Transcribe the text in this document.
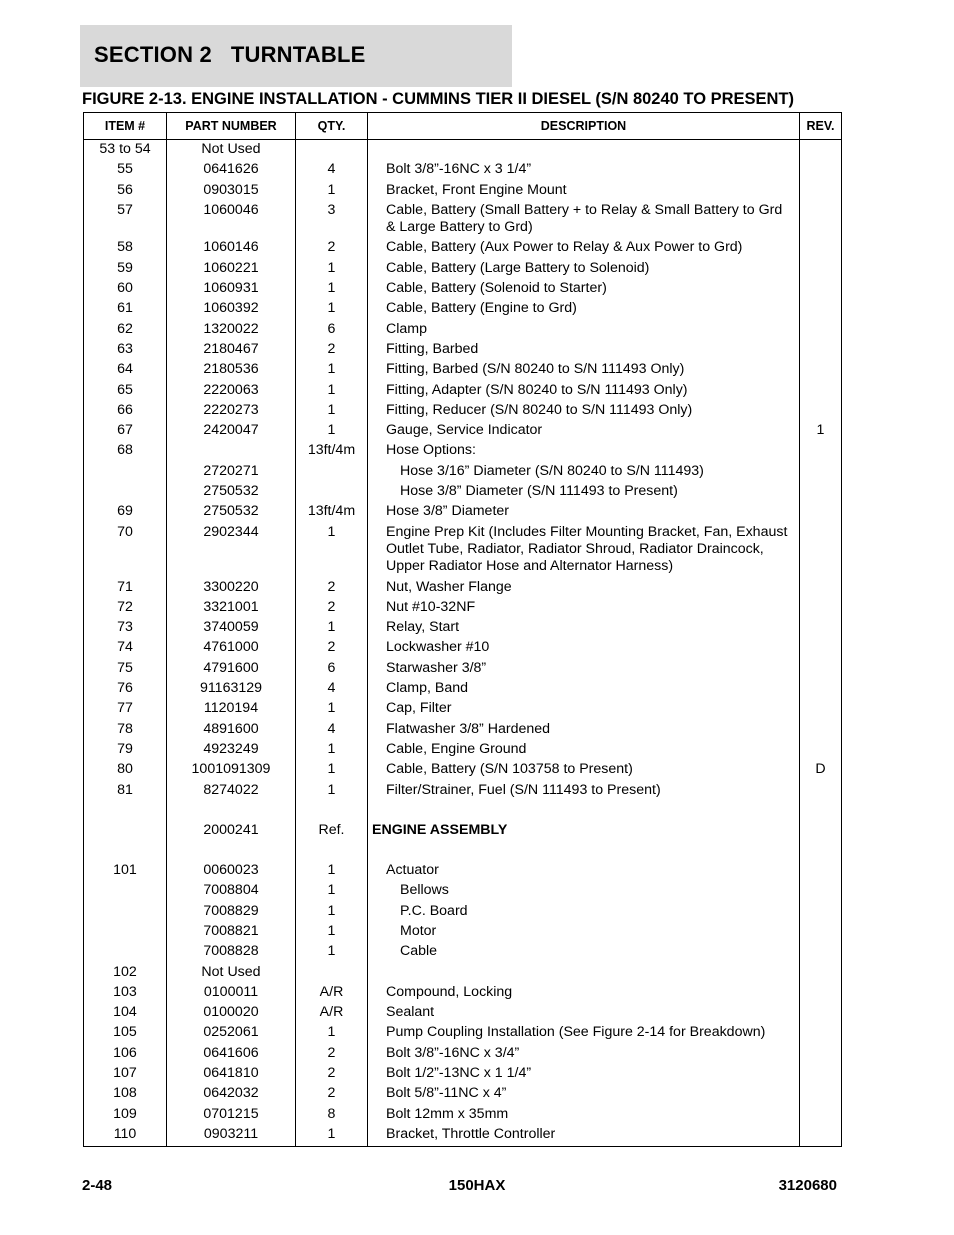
SECTION 2   TURNTABLE
FIGURE 2-13. ENGINE INSTALLATION - CUMMINS TIER II DIESEL (S/N 80240 TO PRESENT)
ITEM #	PART NUMBER	QTY.	DESCRIPTION	REV.
53 to 54	Not Used			
55	0641626	4	Bolt 3/8”-16NC x 3 1/4”	
56	0903015	1	Bracket, Front Engine Mount	
57	1060046	3	Cable, Battery (Small Battery + to Relay & Small Battery to Grd & Large Battery to Grd)	
58	1060146	2	Cable, Battery (Aux Power to Relay & Aux Power to Grd)	
59	1060221	1	Cable, Battery (Large Battery to Solenoid)	
60	1060931	1	Cable, Battery (Solenoid to Starter)	
61	1060392	1	Cable, Battery (Engine to Grd)	
62	1320022	6	Clamp	
63	2180467	2	Fitting, Barbed	
64	2180536	1	Fitting, Barbed (S/N 80240 to S/N 111493 Only)	
65	2220063	1	Fitting, Adapter (S/N 80240 to S/N 111493 Only)	
66	2220273	1	Fitting, Reducer (S/N 80240 to S/N 111493 Only)	
67	2420047	1	Gauge, Service Indicator	1
68		13ft/4m	Hose Options:	
	2720271		Hose 3/16” Diameter (S/N 80240 to S/N 111493)	
	2750532		Hose 3/8” Diameter (S/N 111493 to Present)	
69	2750532	13ft/4m	Hose 3/8” Diameter	
70	2902344	1	Engine Prep Kit (Includes Filter Mounting Bracket, Fan, Exhaust Outlet Tube, Radiator, Radiator Shroud, Radiator Draincock, Upper Radiator Hose and Alternator Harness)	
71	3300220	2	Nut, Washer Flange	
72	3321001	2	Nut #10-32NF	
73	3740059	1	Relay, Start	
74	4761000	2	Lockwasher #10	
75	4791600	6	Starwasher 3/8”	
76	91163129	4	Clamp, Band	
77	1120194	1	Cap, Filter	
78	4891600	4	Flatwasher 3/8” Hardened	
79	4923249	1	Cable, Engine Ground	
80	1001091309	1	Cable, Battery (S/N 103758 to Present)	D
81	8274022	1	Filter/Strainer, Fuel (S/N 111493 to Present)	

	2000241	Ref.	ENGINE ASSEMBLY	

101	0060023	1	Actuator	
	7008804	1	Bellows	
	7008829	1	P.C. Board	
	7008821	1	Motor	
	7008828	1	Cable	
102	Not Used			
103	0100011	A/R	Compound, Locking	
104	0100020	A/R	Sealant	
105	0252061	1	Pump Coupling Installation (See Figure 2-14 for Breakdown)	
106	0641606	2	Bolt 3/8”-16NC x 3/4”	
107	0641810	2	Bolt 1/2”-13NC x 1 1/4”	
108	0642032	2	Bolt 5/8”-11NC x 4”	
109	0701215	8	Bolt 12mm x 35mm	
110	0903211	1	Bracket, Throttle Controller	
2-48	150HAX	3120680
